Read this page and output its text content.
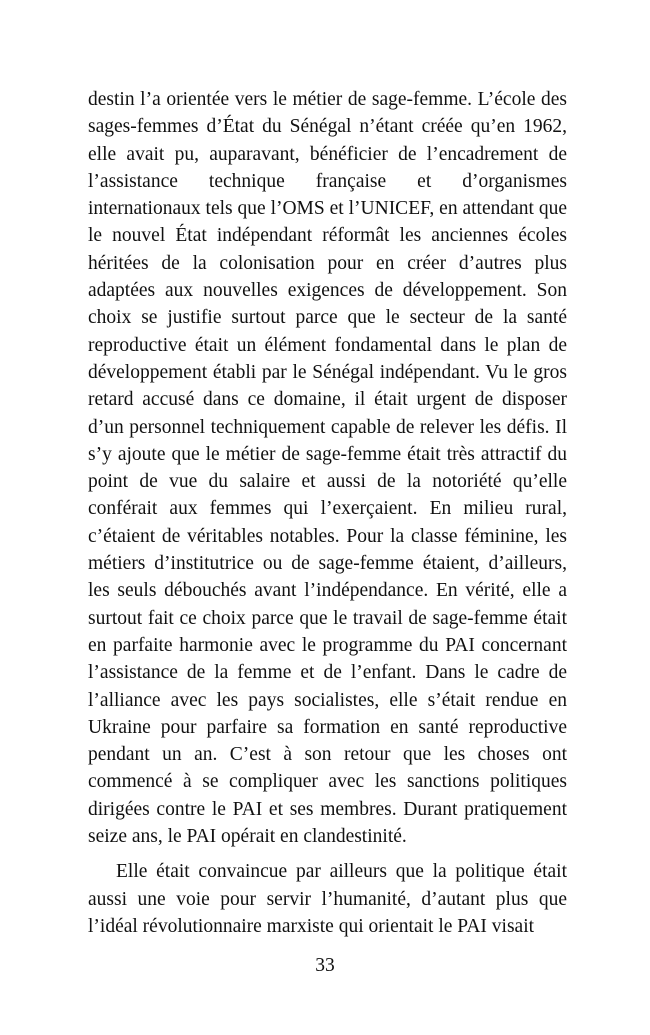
destin l’a orientée vers le métier de sage-femme. L’école des sages-femmes d’État du Sénégal n’étant créée qu’en 1962, elle avait pu, auparavant, bénéficier de l’encadrement de l’assistance technique française et d’organismes internationaux tels que l’OMS et l’UNICEF, en attendant que le nouvel État indépendant réformât les anciennes écoles héritées de la colonisation pour en créer d’autres plus adaptées aux nouvelles exigences de développement. Son choix se justifie surtout parce que le secteur de la santé reproductive était un élément fondamental dans le plan de développement établi par le Sénégal indépendant. Vu le gros retard accusé dans ce domaine, il était urgent de disposer d’un personnel techniquement capable de relever les défis. Il s’y ajoute que le métier de sage-femme était très attractif du point de vue du salaire et aussi de la notoriété qu’elle conférait aux femmes qui l’exerçaient. En milieu rural, c’étaient de véritables notables. Pour la classe féminine, les métiers d’institutrice ou de sage-femme étaient, d’ailleurs, les seuls débouchés avant l’indépendance. En vérité, elle a surtout fait ce choix parce que le travail de sage-femme était en parfaite harmonie avec le programme du PAI concernant l’assistance de la femme et de l’enfant. Dans le cadre de l’alliance avec les pays socialistes, elle s’était rendue en Ukraine pour parfaire sa formation en santé reproductive pendant un an. C’est à son retour que les choses ont commencé à se compliquer avec les sanctions politiques dirigées contre le PAI et ses membres. Durant pratiquement seize ans, le PAI opérait en clandestinité.

Elle était convaincue par ailleurs que la politique était aussi une voie pour servir l’humanité, d’autant plus que l’idéal révolutionnaire marxiste qui orientait le PAI visait

33
